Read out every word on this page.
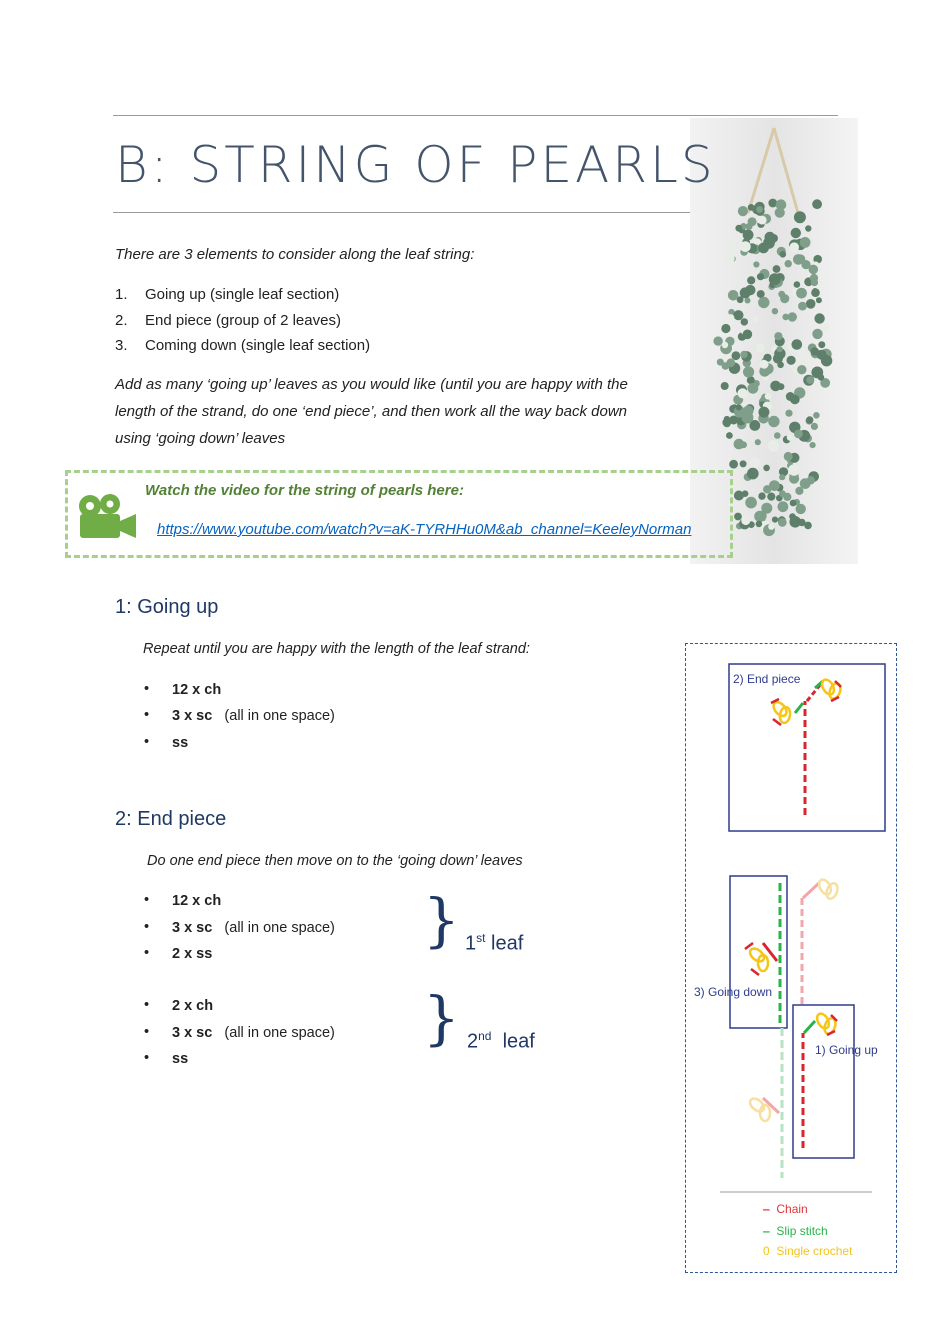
B: STRING OF PEARLS
There are 3 elements to consider along the leaf string:
1. Going up (single leaf section)
2. End piece (group of 2 leaves)
3. Coming down (single leaf section)
Add as many ‘going up’ leaves as you would like (until you are happy with the
length of the strand, do one ‘end piece’, and then work all the way back down
using ‘going down’ leaves
Watch the video for the string of pearls here:
https://www.youtube.com/watch?v=aK-TYRHHu0M&ab_channel=KeeleyNorman
1: Going up
Repeat until you are happy with the length of the leaf strand:
• 12 x ch
• 3 x sc (all in one space)
• ss
2: End piece
Do one end piece then move on to the ‘going down’ leaves
• 12 x ch
• 3 x sc (all in one space)
• 2 x ss	} 1st leaf
• 2 x ch
• 3 x sc (all in one space)
• ss
} 2nd leaf
2) End piece
3) Going down
1) Going up
‒ Chain
‒ Slip stitch
0 Single crochet
